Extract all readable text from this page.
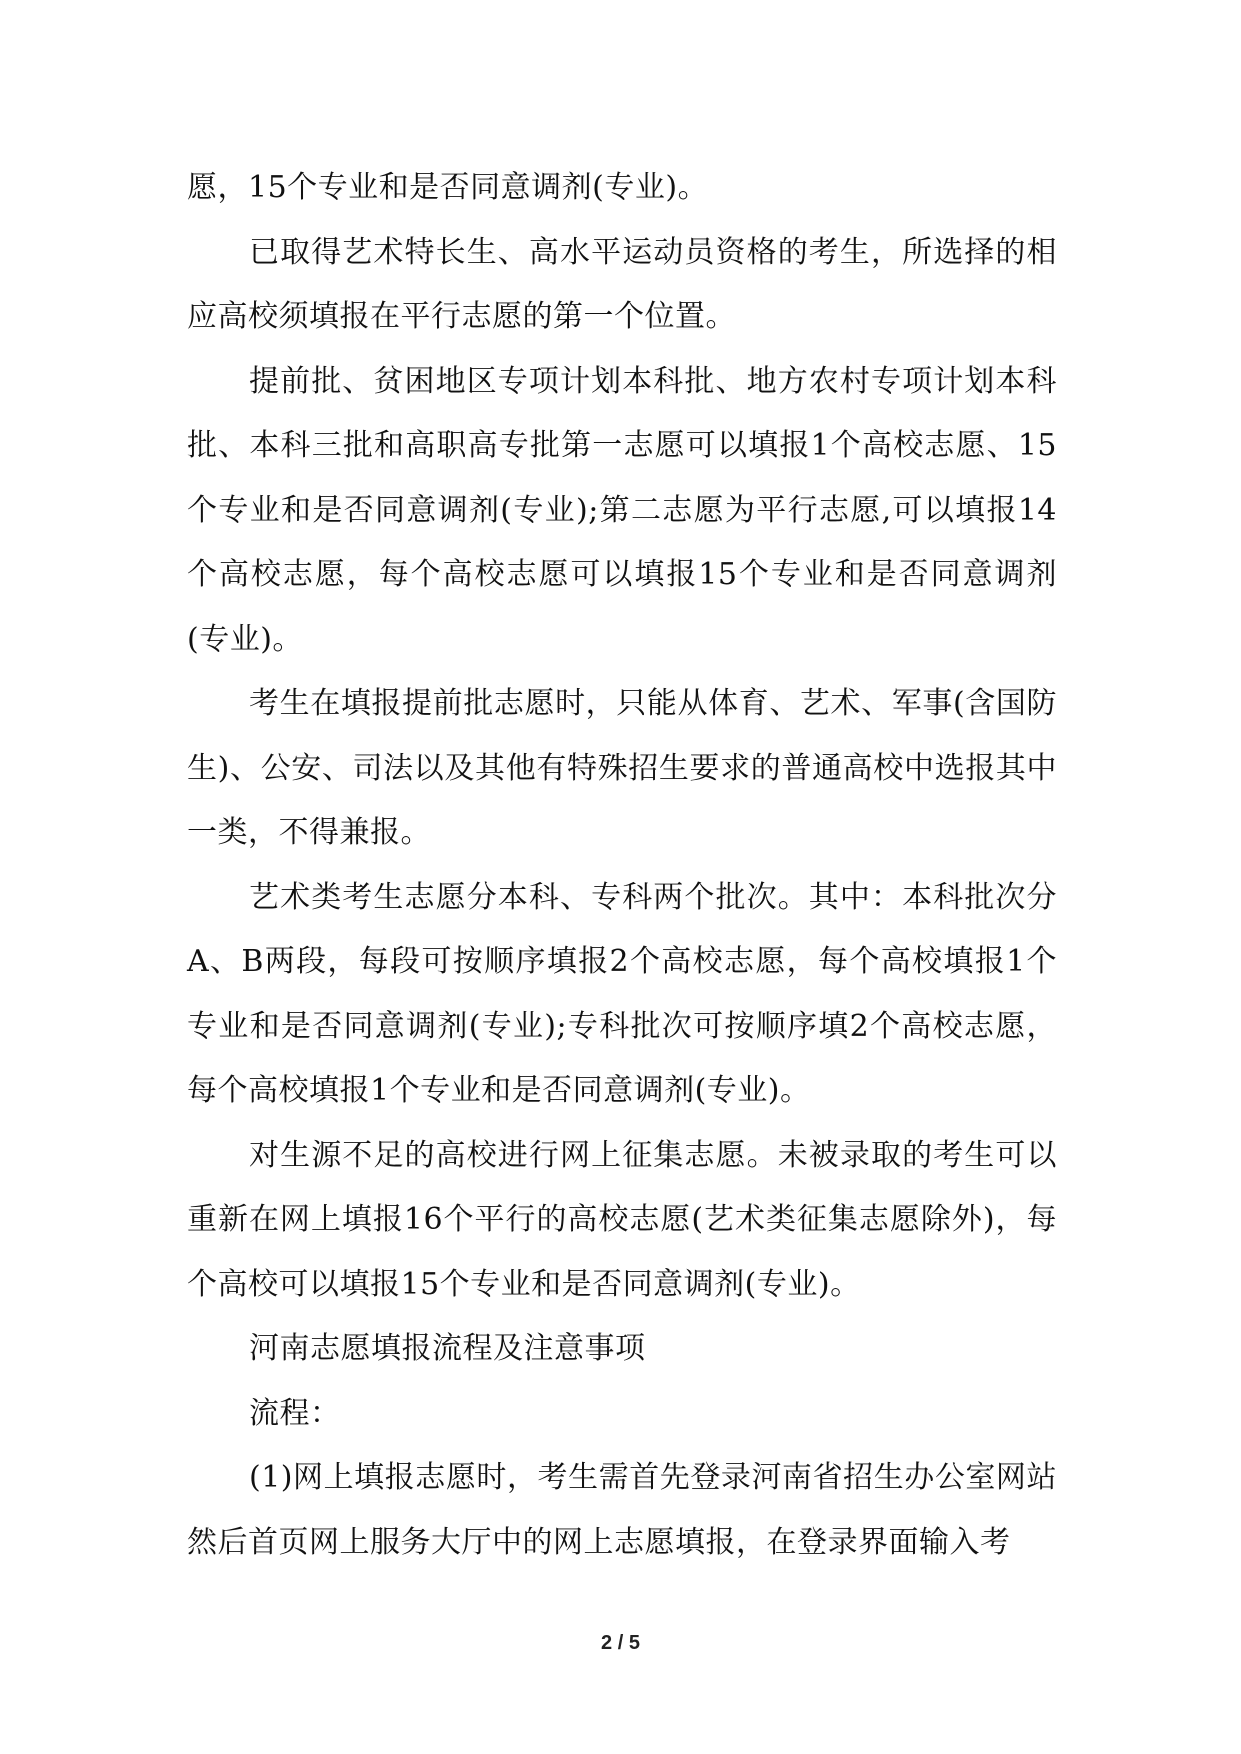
愿，15个专业和是否同意调剂(专业)。

已取得艺术特长生、高水平运动员资格的考生，所选择的相应高校须填报在平行志愿的第一个位置。

提前批、贫困地区专项计划本科批、地方农村专项计划本科批、本科三批和高职高专批第一志愿可以填报1个高校志愿、15个专业和是否同意调剂(专业);第二志愿为平行志愿,可以填报14个高校志愿，每个高校志愿可以填报15个专业和是否同意调剂(专业)。

考生在填报提前批志愿时，只能从体育、艺术、军事(含国防生)、公安、司法以及其他有特殊招生要求的普通高校中选报其中一类，不得兼报。

艺术类考生志愿分本科、专科两个批次。其中：本科批次分A、B两段，每段可按顺序填报2个高校志愿，每个高校填报1个专业和是否同意调剂(专业);专科批次可按顺序填2个高校志愿，每个高校填报1个专业和是否同意调剂(专业)。

对生源不足的高校进行网上征集志愿。未被录取的考生可以重新在网上填报16个平行的高校志愿(艺术类征集志愿除外)，每个高校可以填报15个专业和是否同意调剂(专业)。

河南志愿填报流程及注意事项

流程：

(1)网上填报志愿时，考生需首先登录河南省招生办公室网站然后首页网上服务大厅中的网上志愿填报，在登录界面输入考

2 / 5
